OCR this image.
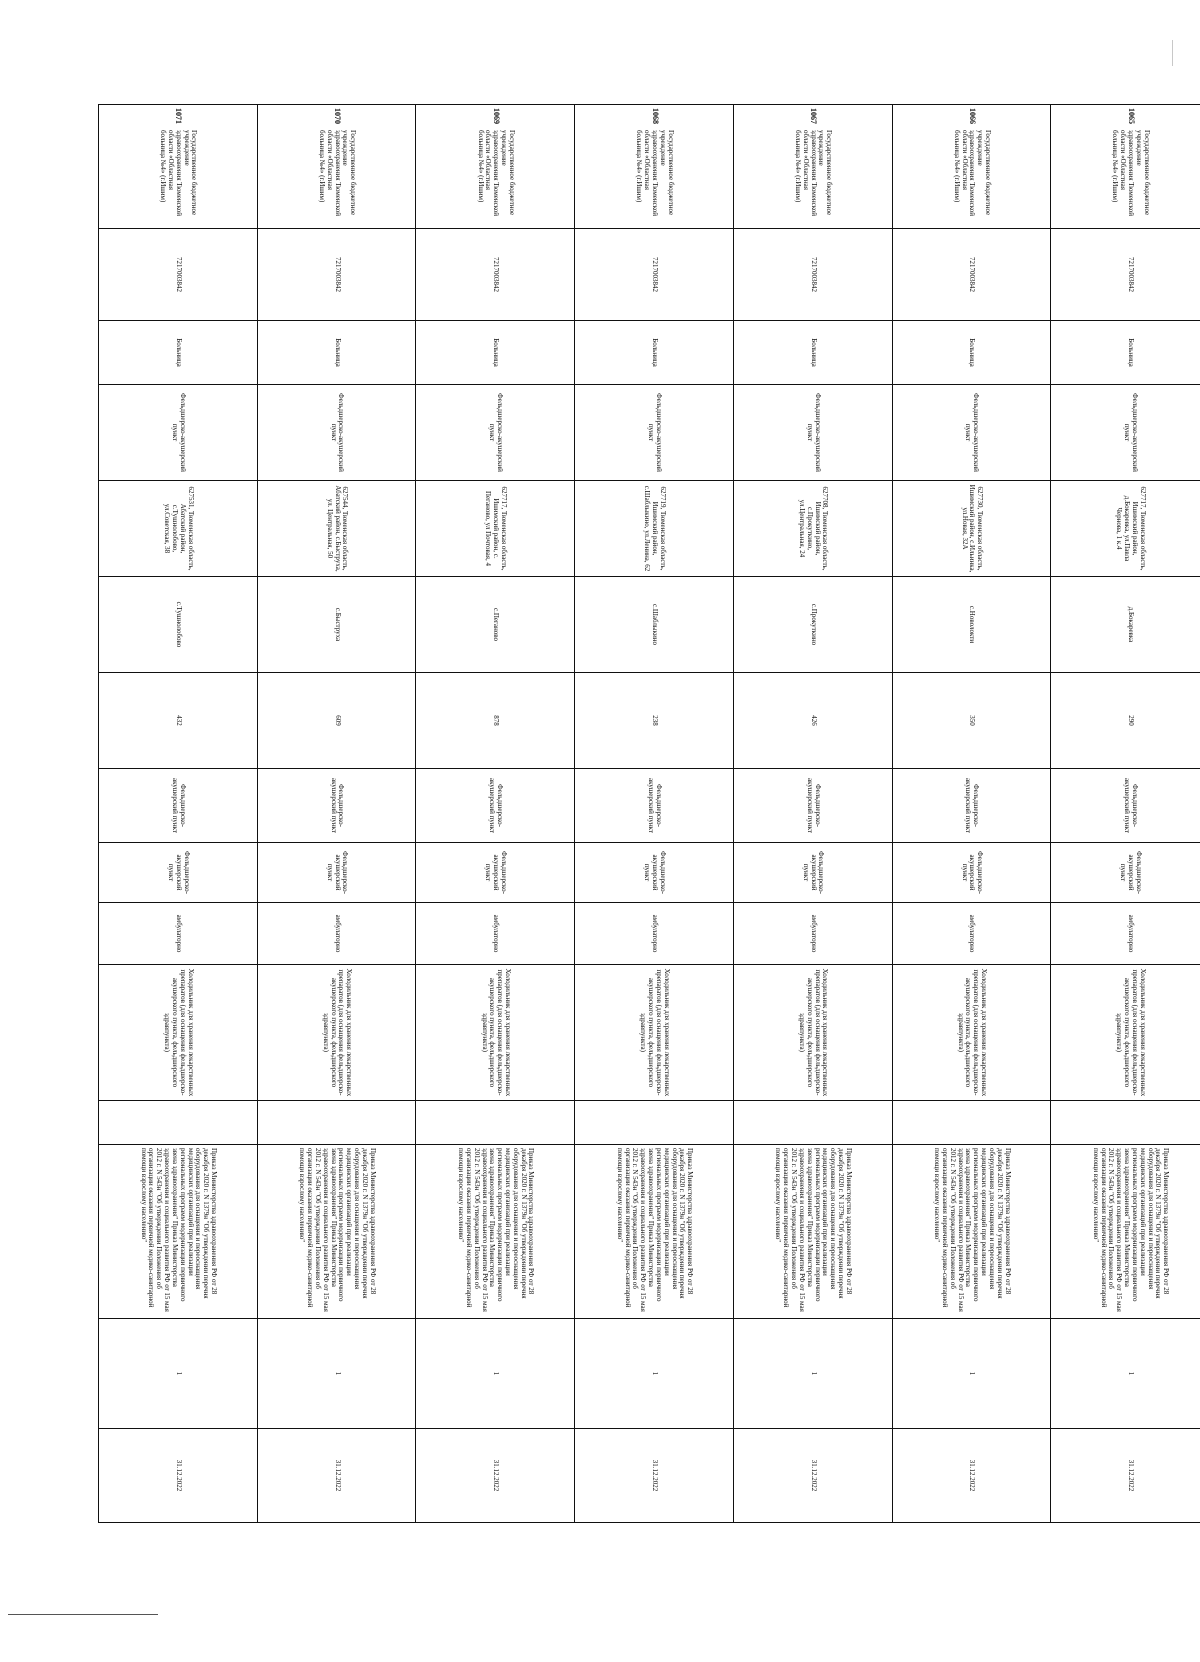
1065Государственное бюджетное учреждение здравоохранения Тюменской области «Областная больница №4» (г.Ишим)	7217003842	Больница	Фельдшерско-акушерский пункт	627717, Тюменская область, Ишимский район, д.Бокаревка, ул.Павла Чернова, 1 к.4	д.Бокаревка	290	Фельдшерско-акушерский пункт	Фельдшерско-акушерский пункт	амбулаторно	Холодильник для хранения лекарственных препаратов (для оснащения фельдшерско-акушерского пункта, фельдшерского здравпункта)		Приказ Министерства здравоохранения РФ от 28 декабря 2020 г. N 1379н "Об утверждении перечня оборудования для оснащения и переоснащения медицинских организаций при реализации региональных программ модернизации первичного звена здравоохранения" Приказ Министерства здравоохранения и социального развития РФ от 15 мая 2012 г. N 543н "Об утверждении Положения об организации оказания первичной медико-санитарной помощи взрослому населению"	1	31.12.2022
1066Государственное бюджетное учреждение здравоохранения Тюменской области «Областная больница №4» (г.Ишим)	7217003842	Больница	Фельдшерско-акушерский пункт	627730, Тюменская область, Ишимский район, с.Ильинка, ул.Новая, 32А	с.Новолокти	350	Фельдшерско-акушерский пункт	Фельдшерско-акушерский пункт	амбулаторно	Холодильник для хранения лекарственных препаратов (для оснащения фельдшерско-акушерского пункта, фельдшерского здравпункта)		Приказ Министерства здравоохранения РФ от 28 декабря 2020 г. N 1379н "Об утверждении перечня оборудования для оснащения и переоснащения медицинских организаций при реализации региональных программ модернизации первичного звена здравоохранения" Приказ Министерства здравоохранения и социального развития РФ от 15 мая 2012 г. N 543н "Об утверждении Положения об организации оказания первичной медико-санитарной помощи взрослому населению"	1	31.12.2022
1067Государственное бюджетное учреждение здравоохранения Тюменской области «Областная больница №4» (г.Ишим)	7217003842	Больница	Фельдшерско-акушерский пункт	627708, Тюменская область, Ишимский район, с.Прокуткино, ул.Центральная, 24	с.Прокуткино	426	Фельдшерско-акушерский пункт	Фельдшерско-акушерский пункт	амбулаторно	Холодильник для хранения лекарственных препаратов (для оснащения фельдшерско-акушерского пункта, фельдшерского здравпункта)		Приказ Министерства здравоохранения РФ от 28 декабря 2020 г. N 1379н "Об утверждении перечня оборудования для оснащения и переоснащения медицинских организаций при реализации региональных программ модернизации первичного звена здравоохранения" Приказ Министерства здравоохранения и социального развития РФ от 15 мая 2012 г. N 543н "Об утверждении Положения об организации оказания первичной медико-санитарной помощи взрослому населению"	1	31.12.2022
1068Государственное бюджетное учреждение здравоохранения Тюменской области «Областная больница №4» (г.Ишим)	7217003842	Больница	Фельдшерско-акушерский пункт	627719, Тюменская область, Ишимский район, с.Шаблыкино, ул.Ленина, 62	с.Шаблыкино	238	Фельдшерско-акушерский пункт	Фельдшерско-акушерский пункт	амбулаторно	Холодильник для хранения лекарственных препаратов (для оснащения фельдшерско-акушерского пункта, фельдшерского здравпункта)		Приказ Министерства здравоохранения РФ от 28 декабря 2020 г. N 1379н "Об утверждении перечня оборудования для оснащения и переоснащения медицинских организаций при реализации региональных программ модернизации первичного звена здравоохранения" Приказ Министерства здравоохранения и социального развития РФ от 15 мая 2012 г. N 543н "Об утверждении Положения об организации оказания первичной медико-санитарной помощи взрослому населению"	1	31.12.2022
1069Государственное бюджетное учреждение здравоохранения Тюменской области «Областная больница №4» (г.Ишим)	7217003842	Больница	Фельдшерско-акушерский пункт	627717, Тюменская область, Ишимский район, с. Пеганово, ул Почтовая, 4	с.Пеганово	878	Фельдшерско-акушерский пункт	Фельдшерско-акушерский пункт	амбулаторно	Холодильник для хранения лекарственных препаратов (для оснащения фельдшерско-акушерского пункта, фельдшерского здравпункта)		Приказ Министерства здравоохранения РФ от 28 декабря 2020 г. N 1379н "Об утверждении перечня оборудования для оснащения и переоснащения медицинских организаций при реализации региональных программ модернизации первичного звена здравоохранения" Приказ Министерства здравоохранения и социального развития РФ от 15 мая 2012 г. N 543н "Об утверждении Положения об организации оказания первичной медико-санитарной помощи взрослому населению"	1	31.12.2022
1070Государственное бюджетное учреждение здравоохранения Тюменской области «Областная больница №4» (г.Ишим)	7217003842	Больница	Фельдшерско-акушерский пункт	627544, Тюменская область, Абатский район, с.Быструха, ул. Центральная, 50	с.Быструха	609	Фельдшерско-акушерский пункт	Фельдшерско-акушерский пункт	амбулаторно	Холодильник для хранения лекарственных препаратов (для оснащения фельдшерско-акушерского пункта, фельдшерского здравпункта)		Приказ Министерства здравоохранения РФ от 28 декабря 2020 г. N 1379н "Об утверждении перечня оборудования для оснащения и переоснащения медицинских организаций при реализации региональных программ модернизации первичного звена здравоохранения" Приказ Министерства здравоохранения и социального развития РФ от 15 мая 2012 г. N 543н "Об утверждении Положения об организации оказания первичной медико-санитарной помощи взрослому населению"	1	31.12.2022
1071Государственное бюджетное учреждение здравоохранения Тюменской области «Областная больница №4» (г.Ишим)	7217003842	Больница	Фельдшерско-акушерский пункт	627531, Тюменская область, Абатский район, с.Тушнолобово, ул.Советская, 38	с.Тушнолобово	432	Фельдшерско-акушерский пункт	Фельдшерско-акушерский пункт	амбулаторно	Холодильник для хранения лекарственных препаратов (для оснащения фельдшерско-акушерского пункта, фельдшерского здравпункта)		Приказ Министерства здравоохранения РФ от 28 декабря 2020 г. N 1379н "Об утверждении перечня оборудования для оснащения и переоснащения медицинских организаций при реализации региональных программ модернизации первичного звена здравоохранения" Приказ Министерства здравоохранения и социального развития РФ от 15 мая 2012 г. N 543н "Об утверждении Положения об организации оказания первичной медико-санитарной помощи взрослому населению"	1	31.12.2022
